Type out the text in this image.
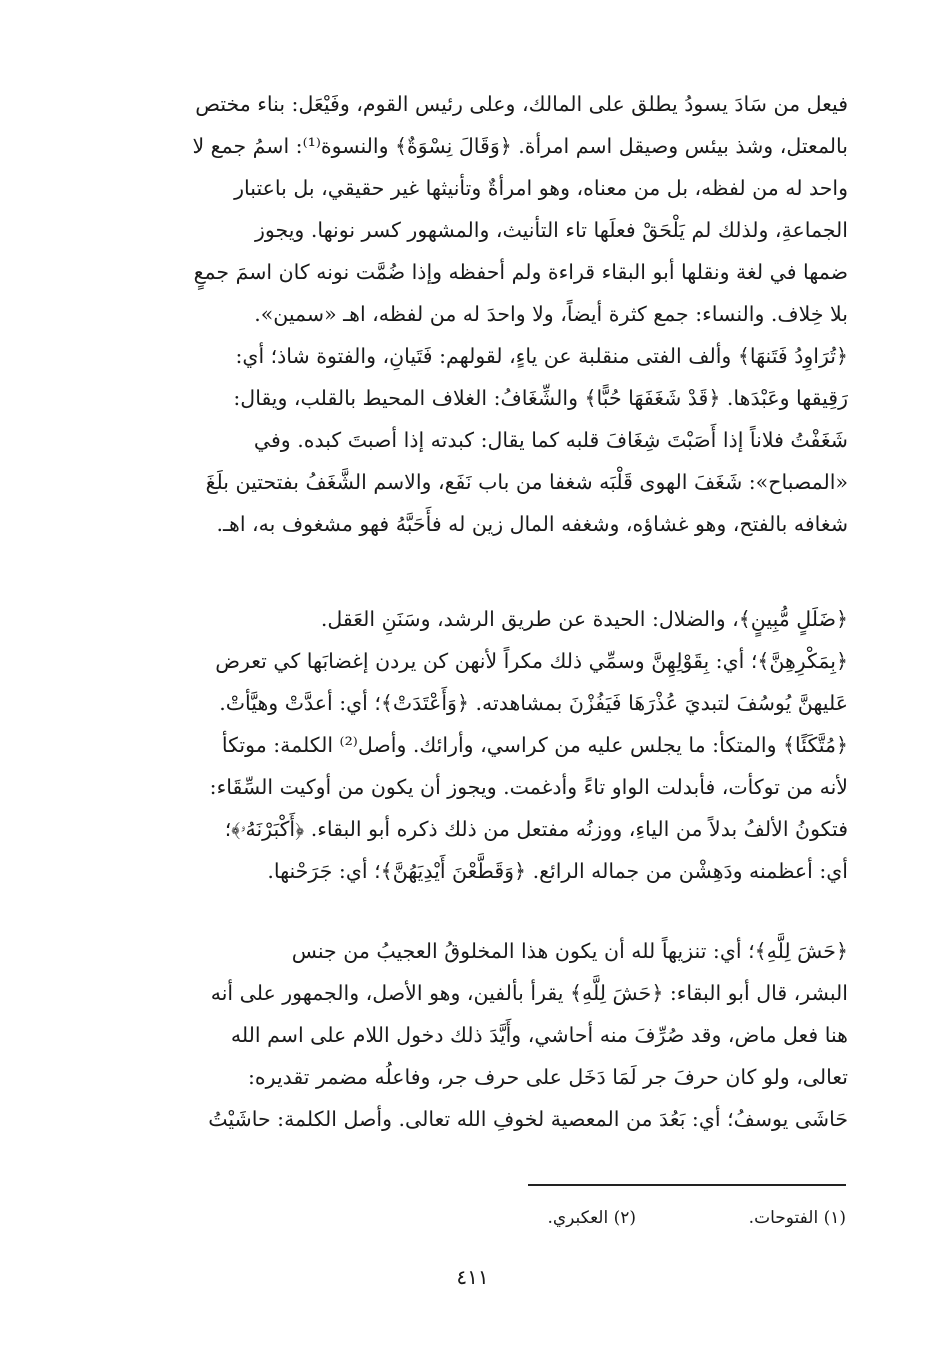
فيعل من سَادَ يسودُ يطلق على المالك، وعلى رئيس القوم، وفَيْعَل: بناء مختص
بالمعتل، وشذ بيئس وصيقل اسم امرأة. ﴿وَقَالَ نِسْوَةٌ﴾ والنسوة⁽¹⁾: اسمُ جمع لا
واحد له من لفظه، بل من معناه، وهو امرأةٌ وتأنيثها غير حقيقي، بل باعتبار
الجماعةِ، ولذلك لم يَلْحَقْ فعلَها تاء التأنيث، والمشهور كسر نونها. ويجوز
ضمها في لغة ونقلها أبو البقاء قراءة ولم أحفظه وإذا ضُمَّت نونه كان اسمَ جمعٍ
بلا خِلاف. والنساء: جمع كثرة أيضاً، ولا واحدَ له من لفظه، اهـ «سمين».
﴿تُرَاوِدُ فَتَنهَا﴾ وألف الفتى منقلبة عن ياءٍ، لقولهم: فَتَيانِ، والفتوة شاذ؛ أي:
رَقِيقها وعَبْدَها. ﴿قَدْ شَغَفَهَا حُبًّا﴾ والشِّغَافُ: الغلاف المحيط بالقلب، ويقال:
شَغَفْتُ فلاناً إذا أَصَبْتَ شِغَافَ قلبه كما يقال: كبدته إذا أصبتَ كبده. وفي
«المصباح»: شَغَفَ الهوى قَلْبَه شغفا من باب نَفَع، والاسم الشَّغَفُ بفتحتين بلَغَ
شغافه بالفتح، وهو غشاؤه، وشغفه المال زين له فأَحَبَّهُ فهو مشغوف به، اهـ.
﴿ضَلَلٍ مُّبِينٍ﴾، والضلال: الحيدة عن طريق الرشد، وسَنَنِ العَقل.
﴿بِمَكْرِهِنَّ﴾؛ أي: بِقَوْلِهِنَّ وسمِّي ذلك مكراً لأنهن كن يردن إغضابَها كي تعرض
عَليهنَّ يُوسُفَ لتبديَ عُذْرَهَا فَيَفُزْنَ بمشاهدته. ﴿وَأَعْتَدَتْ﴾؛ أي: أعدَّتْ وهيَّأتْ.
﴿مُتَّكَئًا﴾ والمتكأ: ما يجلس عليه من كراسي، وأرائك. وأصل⁽²⁾ الكلمة: موتكأ
لأنه من توكأت، فأبدلت الواو تاءً وأدغمت. ويجوز أن يكون من أوكيت السِّقَاء:
فتكونُ الألفُ بدلاً من الياءِ، ووزنُه مفتعل من ذلك ذكره أبو البقاء. ﴿أَكْبَرْنَهُۥ﴾؛
أي: أعظمنه ودَهِشْن من جماله الرائع. ﴿وَقَطَّعْنَ أَيْدِيَهُنَّ﴾؛ أي: جَرَحْنها.
﴿حَشَ لِلَّهِ﴾؛ أي: تنزيهاً لله أن يكون هذا المخلوقُ العجيبُ من جنس
البشر، قال أبو البقاء: ﴿حَشَ لِلَّهِ﴾ يقرأ بألفين، وهو الأصل، والجمهور على أنه
هنا فعل ماض، وقد صُرِّفَ منه أحاشي، وأَيَّدَ ذلك دخول اللام على اسم الله
تعالى، ولو كان حرفَ جر لَمَا دَخَل على حرف جر، وفاعلُه مضمر تقديره:
حَاشَى يوسفُ؛ أي: بَعُدَ من المعصية لخوفِ الله تعالى. وأصل الكلمة: حاشَيْتُ
(١) الفتوحات.
(٢) العكبري.
٤١١
